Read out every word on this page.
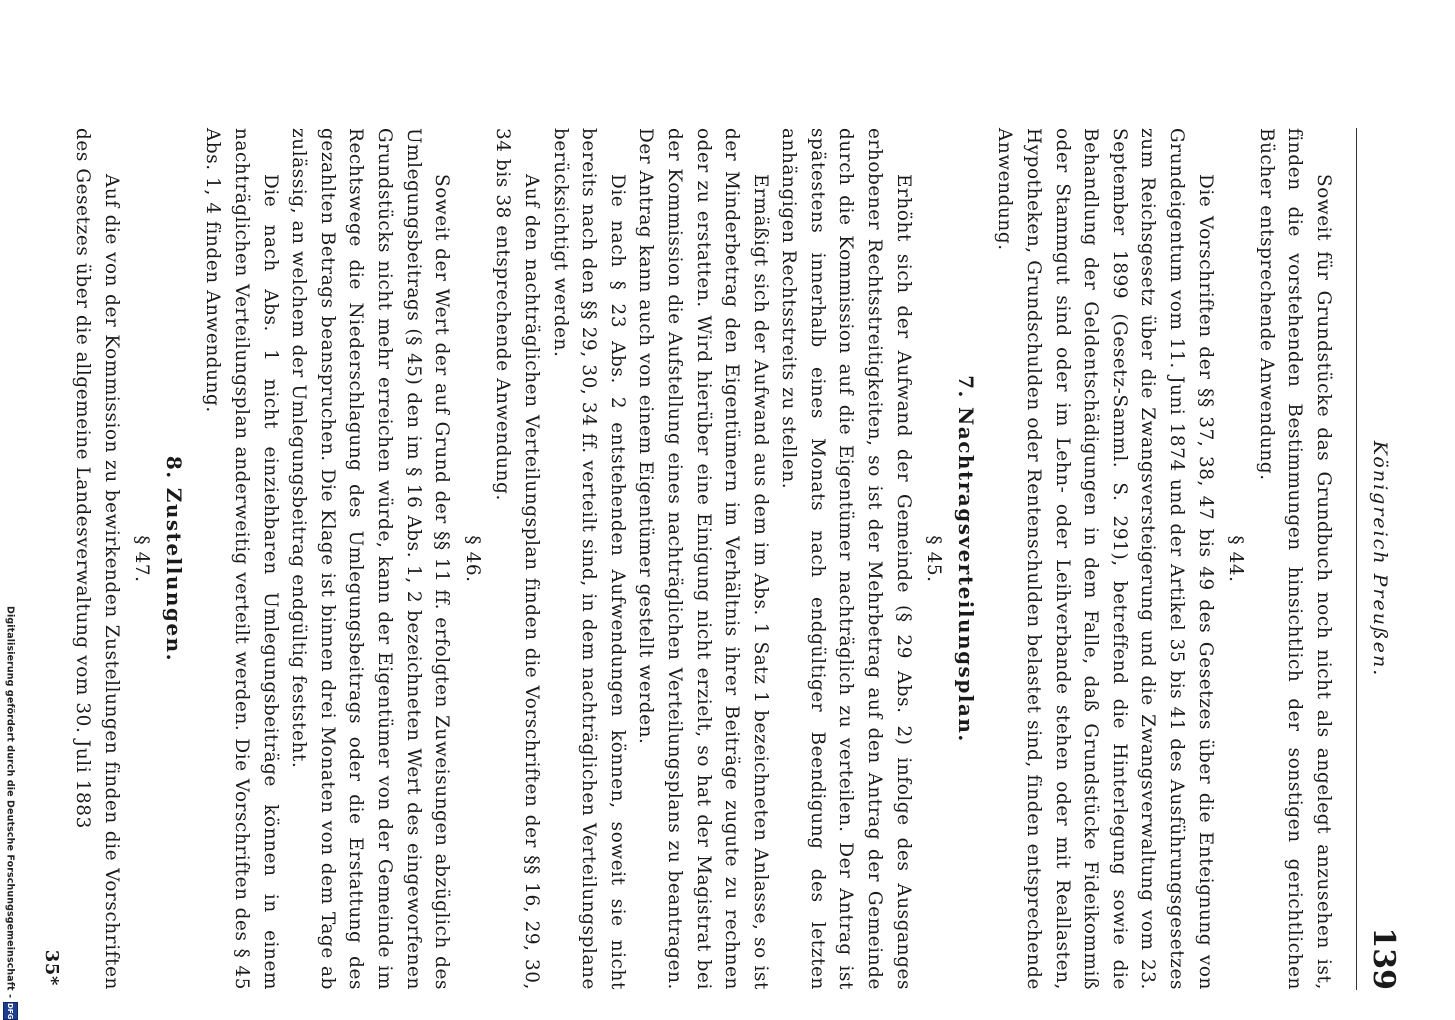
Digitalisierung gefördert durch die Deutsche Forschungsgemeinschaft -
DFG
Königreich Preußen.
139

Soweit für Grundstücke das Grundbuch noch nicht als angelegt anzusehen ist, finden die vorstehenden Bestimmungen hinsichtlich der sonstigen gerichtlichen Bücher entsprechende Anwendung.

§ 44.

Die Vorschriften der §§ 37, 38, 47 bis 49 des Gesetzes über die Enteignung von Grundeigentum vom 11. Juni 1874 und der Artikel 35 bis 41 des Ausführungsgesetzes zum Reichsgesetz über die Zwangsversteigerung und die Zwangsverwaltung vom 23. September 1899 (Gesetz-Samml. S. 291), betreffend die Hinterlegung sowie die Behandlung der Geldentschädigungen in dem Falle, daß Grundstücke Fideikommiß oder Stammgut sind oder im Lehn- oder Leihverbande stehen oder mit Reallasten, Hypotheken, Grundschulden oder Rentenschulden belastet sind, finden entsprechende Anwendung.

7.Nachtragsverteilungsplan.

§ 45.

Erhöht sich der Aufwand der Gemeinde (§ 29 Abs. 2) infolge des Ausganges erhobener Rechtsstreitigkeiten, so ist der Mehrbetrag auf den Antrag der Gemeinde durch die Kommission auf die Eigentümer nachträglich zu verteilen. Der Antrag ist spätestens innerhalb eines Monats nach endgültiger Beendigung des letzten anhängigen Rechtsstreits zu stellen.

Ermäßigt sich der Aufwand aus dem im Abs. 1 Satz 1 bezeichneten Anlasse, so ist der Minderbetrag den Eigentümern im Verhältnis ihrer Beiträge zugute zu rechnen oder zu erstatten. Wird hierüber eine Einigung nicht erzielt, so hat der Magistrat bei der Kommission die Aufstellung eines nachträglichen Verteilungsplans zu beantragen. Der Antrag kann auch von einem Eigentümer gestellt werden.

Die nach § 23 Abs. 2 entstehenden Aufwendungen können, soweit sie nicht bereits nach den §§ 29, 30, 34 ff. verteilt sind, in dem nachträglichen Verteilungsplane berücksichtigt werden.

Auf den nachträglichen Verteilungsplan finden die Vorschriften der §§ 16, 29, 30, 34 bis 38 entsprechende Anwendung.

§ 46.

Soweit der Wert der auf Grund der §§ 11 ff. erfolgten Zuweisungen abzüglich des Umlegungsbeitrags (§ 45) den im § 16 Abs. 1, 2 bezeichneten Wert des eingeworfenen Grundstücks nicht mehr erreichen würde, kann der Eigentümer von der Gemeinde im Rechtswege die Niederschlagung des Umlegungsbeitrags oder die Erstattung des gezahlten Betrags beanspruchen. Die Klage ist binnen drei Monaten von dem Tage ab zulässig, an welchem der Umlegungsbeitrag endgültig feststeht.

Die nach Abs. 1 nicht einziehbaren Umlegungsbeiträge können in einem nachträglichen Verteilungsplan anderweitig verteilt werden. Die Vorschriften des § 45 Abs. 1, 4 finden Anwendung.

8.Zustellungen.

§ 47.

Auf die von der Kommission zu bewirkenden Zustellungen finden die Vorschriften des Gesetzes über die allgemeine Landesverwaltung vom 30. Juli 1883

35*
